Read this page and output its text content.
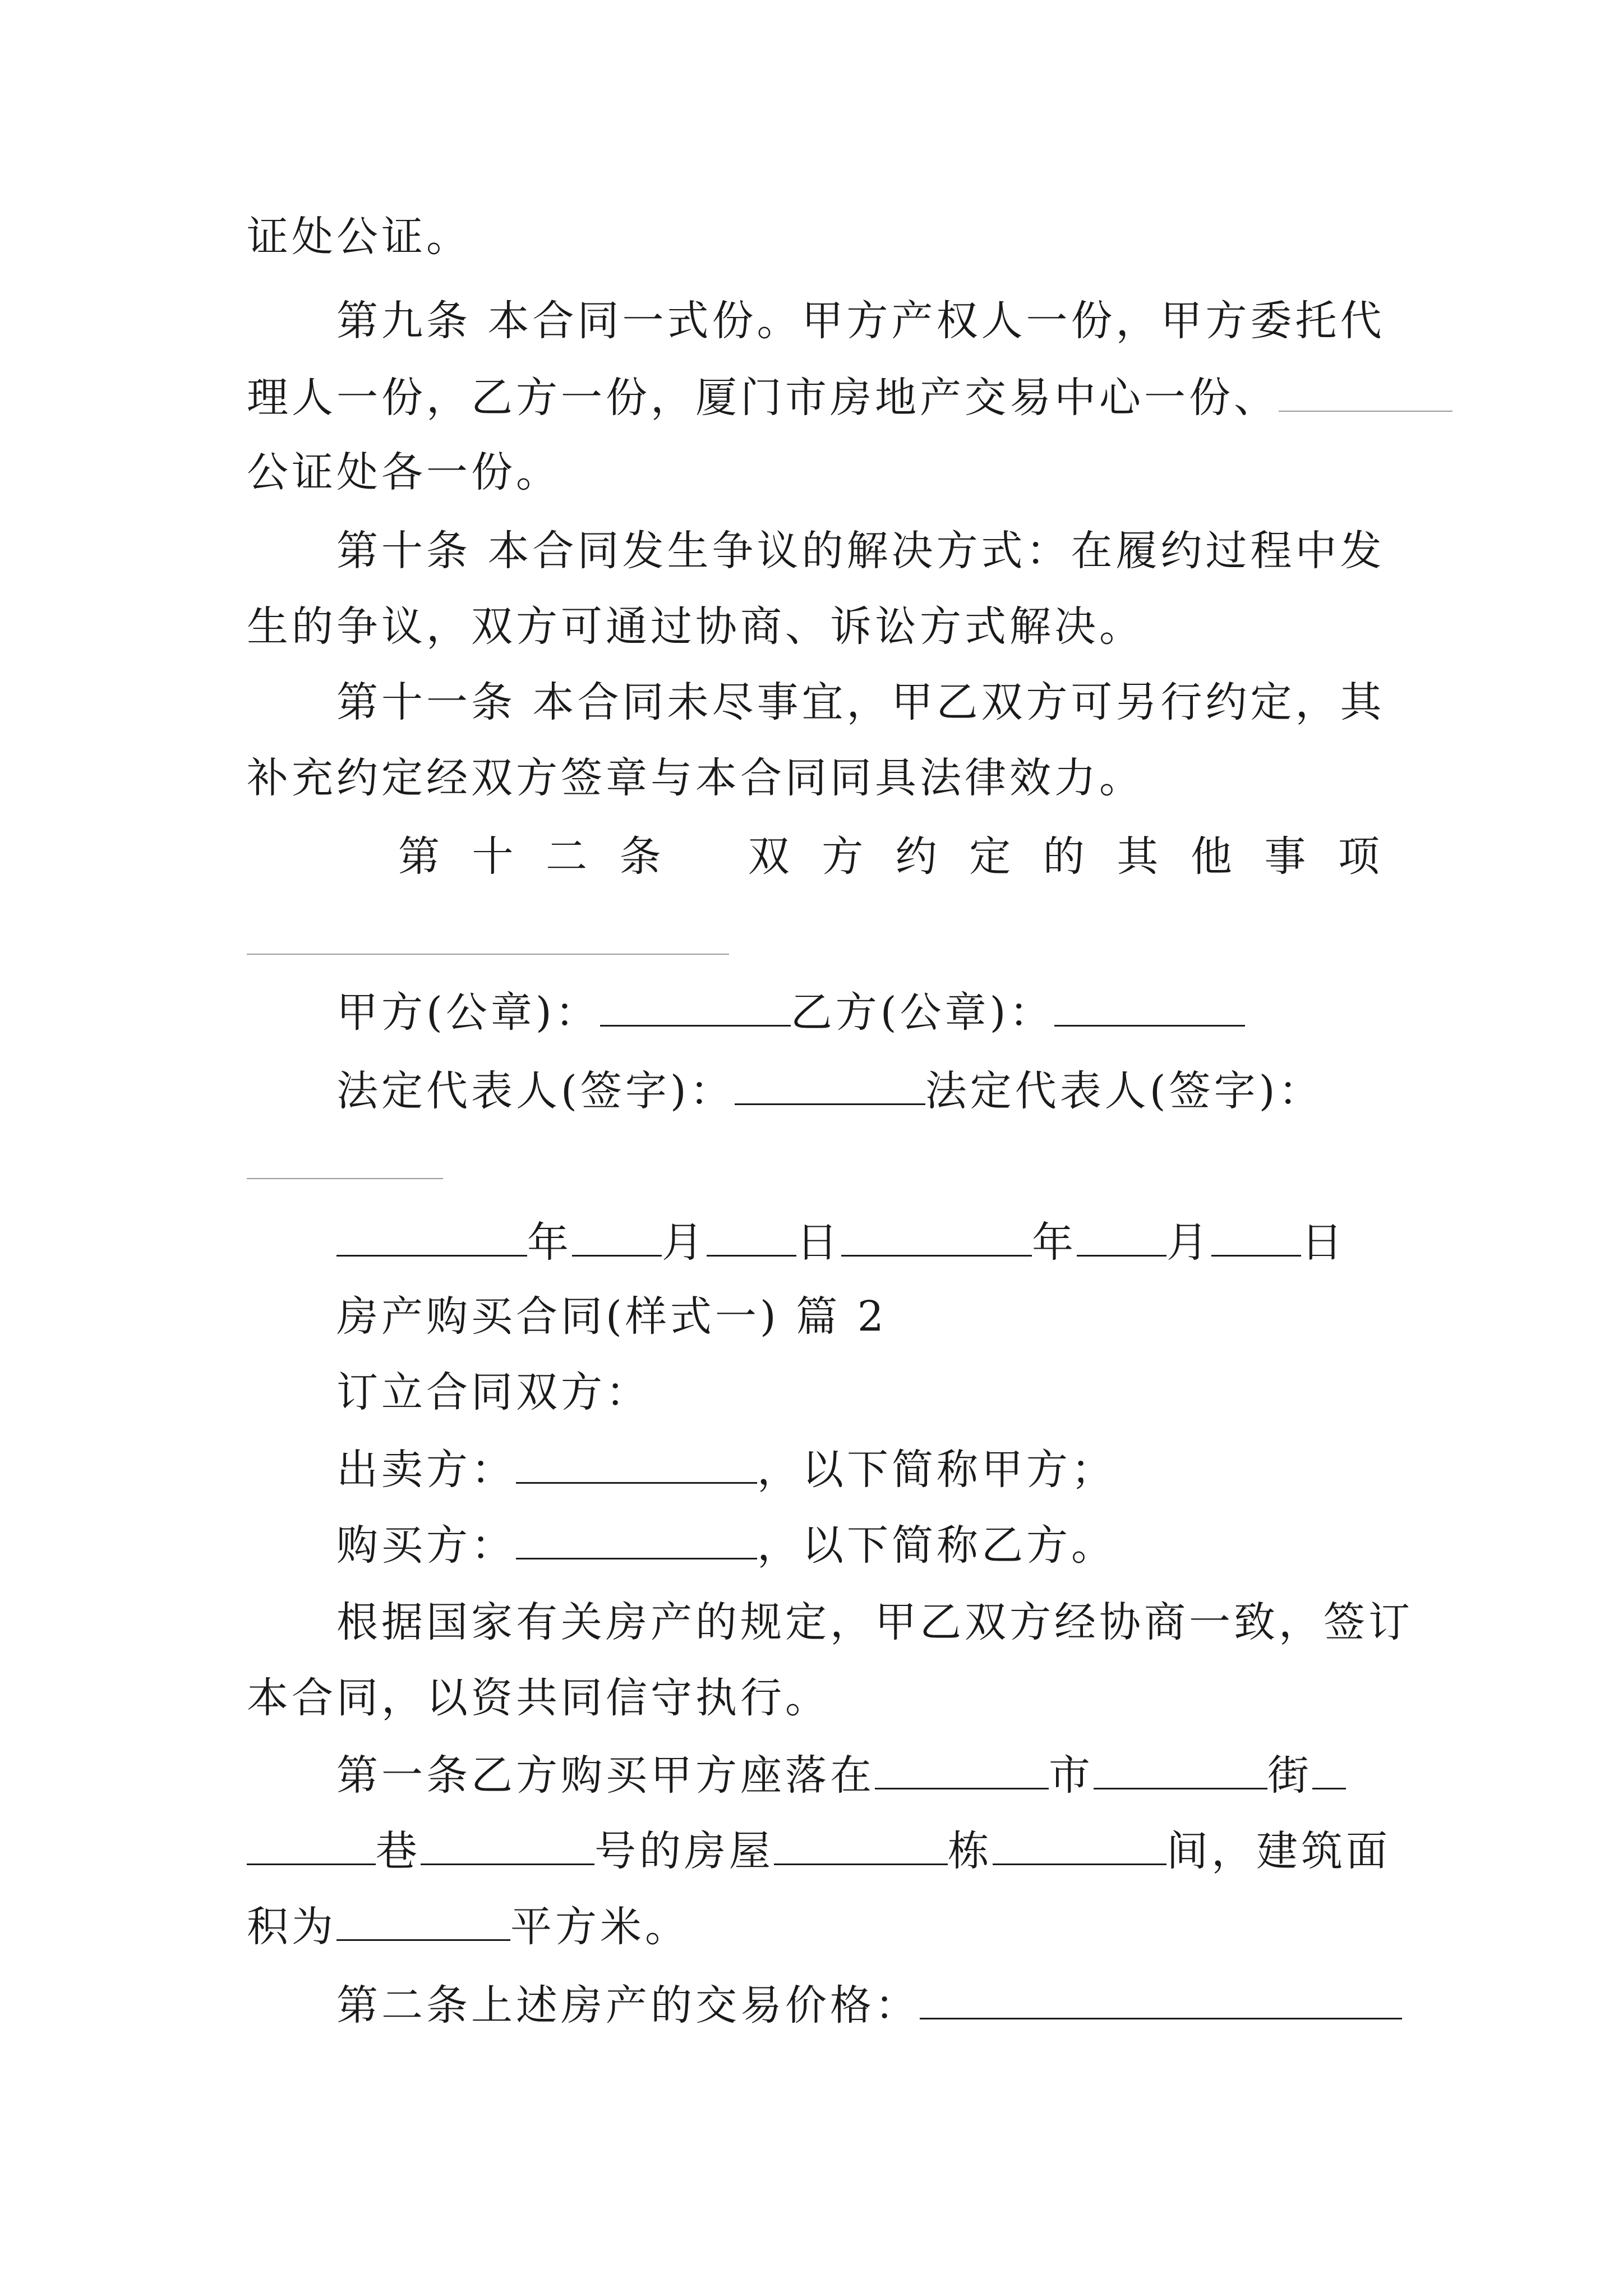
证处公证。
第九条 本合同一式份。甲方产权人一份，甲方委托代
理人一份，乙方一份，厦门市房地产交易中心一份、
公证处各一份。
第十条 本合同发生争议的解决方式：在履约过程中发
生的争议，双方可通过协商、诉讼方式解决。
第十一条 本合同未尽事宜，甲乙双方可另行约定，其
补充约定经双方签章与本合同同具法律效力。
第 十 二 条 双 方 约 定 的 其 他 事 项
甲方(公章)：	乙方(公章)：
法定代表人(签字)：	法定代表人(签字)：
年 月 日	年 月 日
房产购买合同(样式一) 篇 2
订立合同双方：
出卖方：	，以下简称甲方；
购买方：	，以下简称乙方。
根据国家有关房产的规定，甲乙双方经协商一致，签订
本合同，以资共同信守执行。
第一条乙方购买甲方座落在	市	街
巷	号的房屋	栋	间，建筑面
积为	平方米。
第二条上述房产的交易价格：
